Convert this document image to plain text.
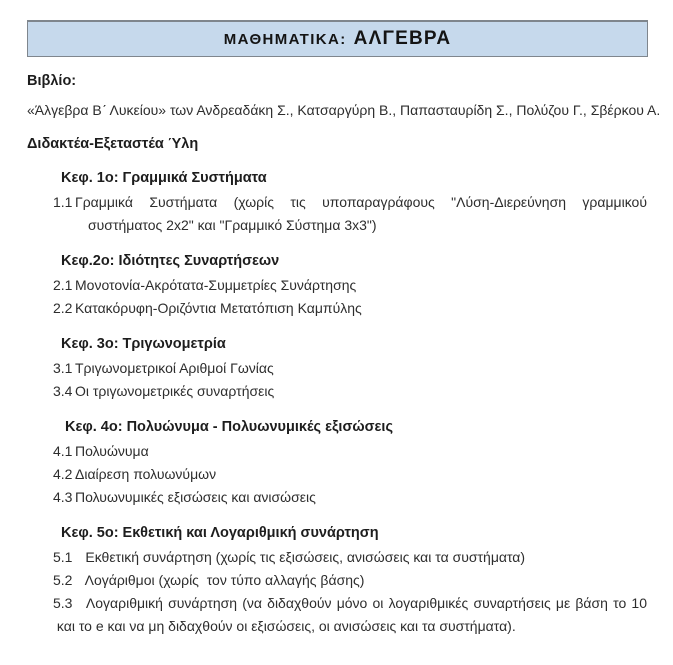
ΜΑΘΗΜΑΤΙΚΑ: ΑΛΓΕΒΡΑ

Βιβλίο:

«Άλγεβρα Βʹ Λυκείου» των Ανδρεαδάκη Σ., Κατσαργύρη Β., Παπασταυρίδη Σ., Πολύζου Γ., Σβέρκου Α.

Διδακτέα-Εξεταστέα Ύλη

Κεφ. 1ο: Γραμμικά Συστήματα

1.1 Γραμμικά Συστήματα (χωρίς τις υποπαραγράφους "Λύση-Διερεύνηση γραμμικού συστήματος 2x2" και "Γραμμικό Σύστημα 3x3")

Κεφ.2ο: Ιδιότητες Συναρτήσεων

2.1 Μονοτονία-Ακρότατα-Συμμετρίες Συνάρτησης
2.2 Κατακόρυφη-Οριζόντια Μετατόπιση Καμπύλης

Κεφ. 3ο: Τριγωνομετρία

3.1 Τριγωνομετρικοί Αριθμοί Γωνίας
3.4 Οι τριγωνομετρικές συναρτήσεις

Κεφ. 4ο: Πολυώνυμα - Πολυωνυμικές εξισώσεις

4.1 Πολυώνυμα
4.2 Διαίρεση πολυωνύμων
4.3 Πολυωνυμικές εξισώσεις και ανισώσεις

Κεφ. 5ο: Εκθετική και Λογαριθμική συνάρτηση

5.1 Εκθετική συνάρτηση (χωρίς τις εξισώσεις, ανισώσεις και τα συστήματα)
5.2 Λογάριθμοι (χωρίς  τον τύπο αλλαγής βάσης)
5.3 Λογαριθμική συνάρτηση (να διδαχθούν μόνο οι λογαριθμικές συναρτήσεις με βάση το 10  και το e και να μη διδαχθούν οι εξισώσεις, οι ανισώσεις και τα συστήματα).
